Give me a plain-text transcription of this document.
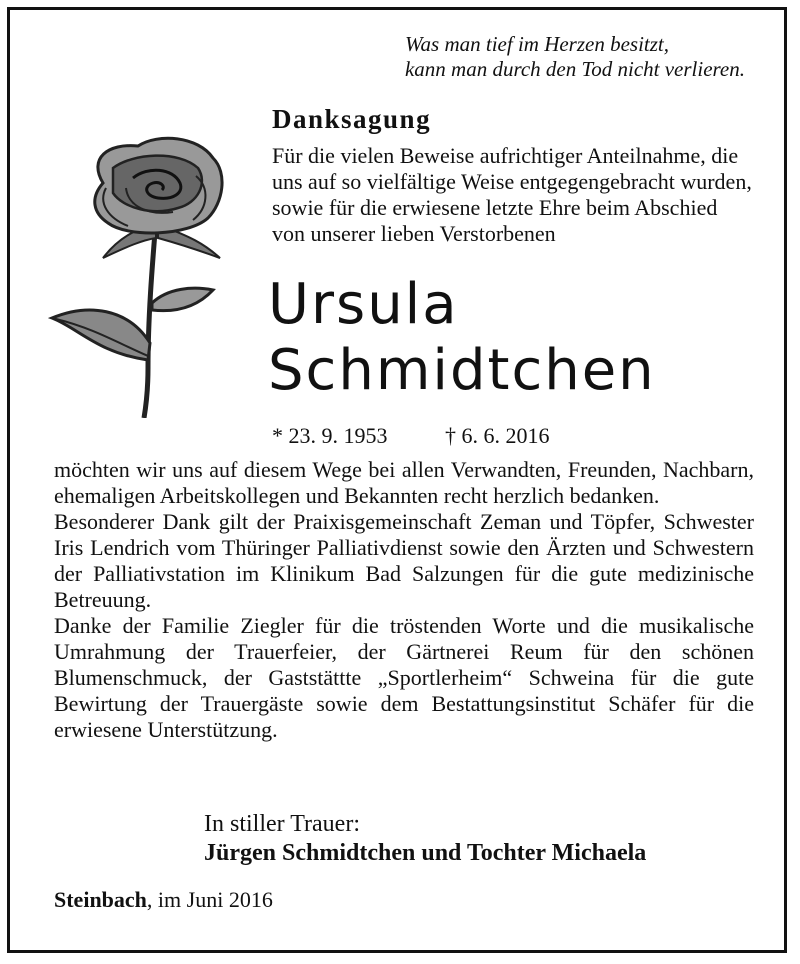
Was man tief im Herzen besitzt,
kann man durch den Tod nicht verlieren.
Danksagung
Für die vielen Beweise aufrichtiger Anteilnahme, die uns auf so vielfältige Weise entgegengebracht wurden, sowie für die erwiesene letzte Ehre beim Abschied von unserer lieben Verstorbenen
Ursula
Schmidtchen
* 23. 9. 1953	† 6. 6. 2016

möchten wir uns auf diesem Wege bei allen Verwandten, Freunden, Nachbarn, ehemaligen Arbeitskollegen und Bekannten recht herzlich bedanken.

Besonderer Dank gilt der Praixisgemeinschaft Zeman und Töpfer, Schwester Iris Lendrich vom Thüringer Palliativdienst sowie den Ärzten und Schwestern der Palliativstation im Klinikum Bad Salzungen für die gute medizinische Betreuung.

Danke der Familie Ziegler für die tröstenden Worte und die musikalische Umrahmung der Trauerfeier, der Gärtnerei Reum für den schönen Blumenschmuck, der Gaststättte „Sportlerheim“ Schweina für die gute Bewirtung der Trauergäste sowie dem Bestattungsinstitut Schäfer für die erwiesene Unterstützung.

In stiller Trauer:
Jürgen Schmidtchen und Tochter Michaela
Steinbach, im Juni 2016
